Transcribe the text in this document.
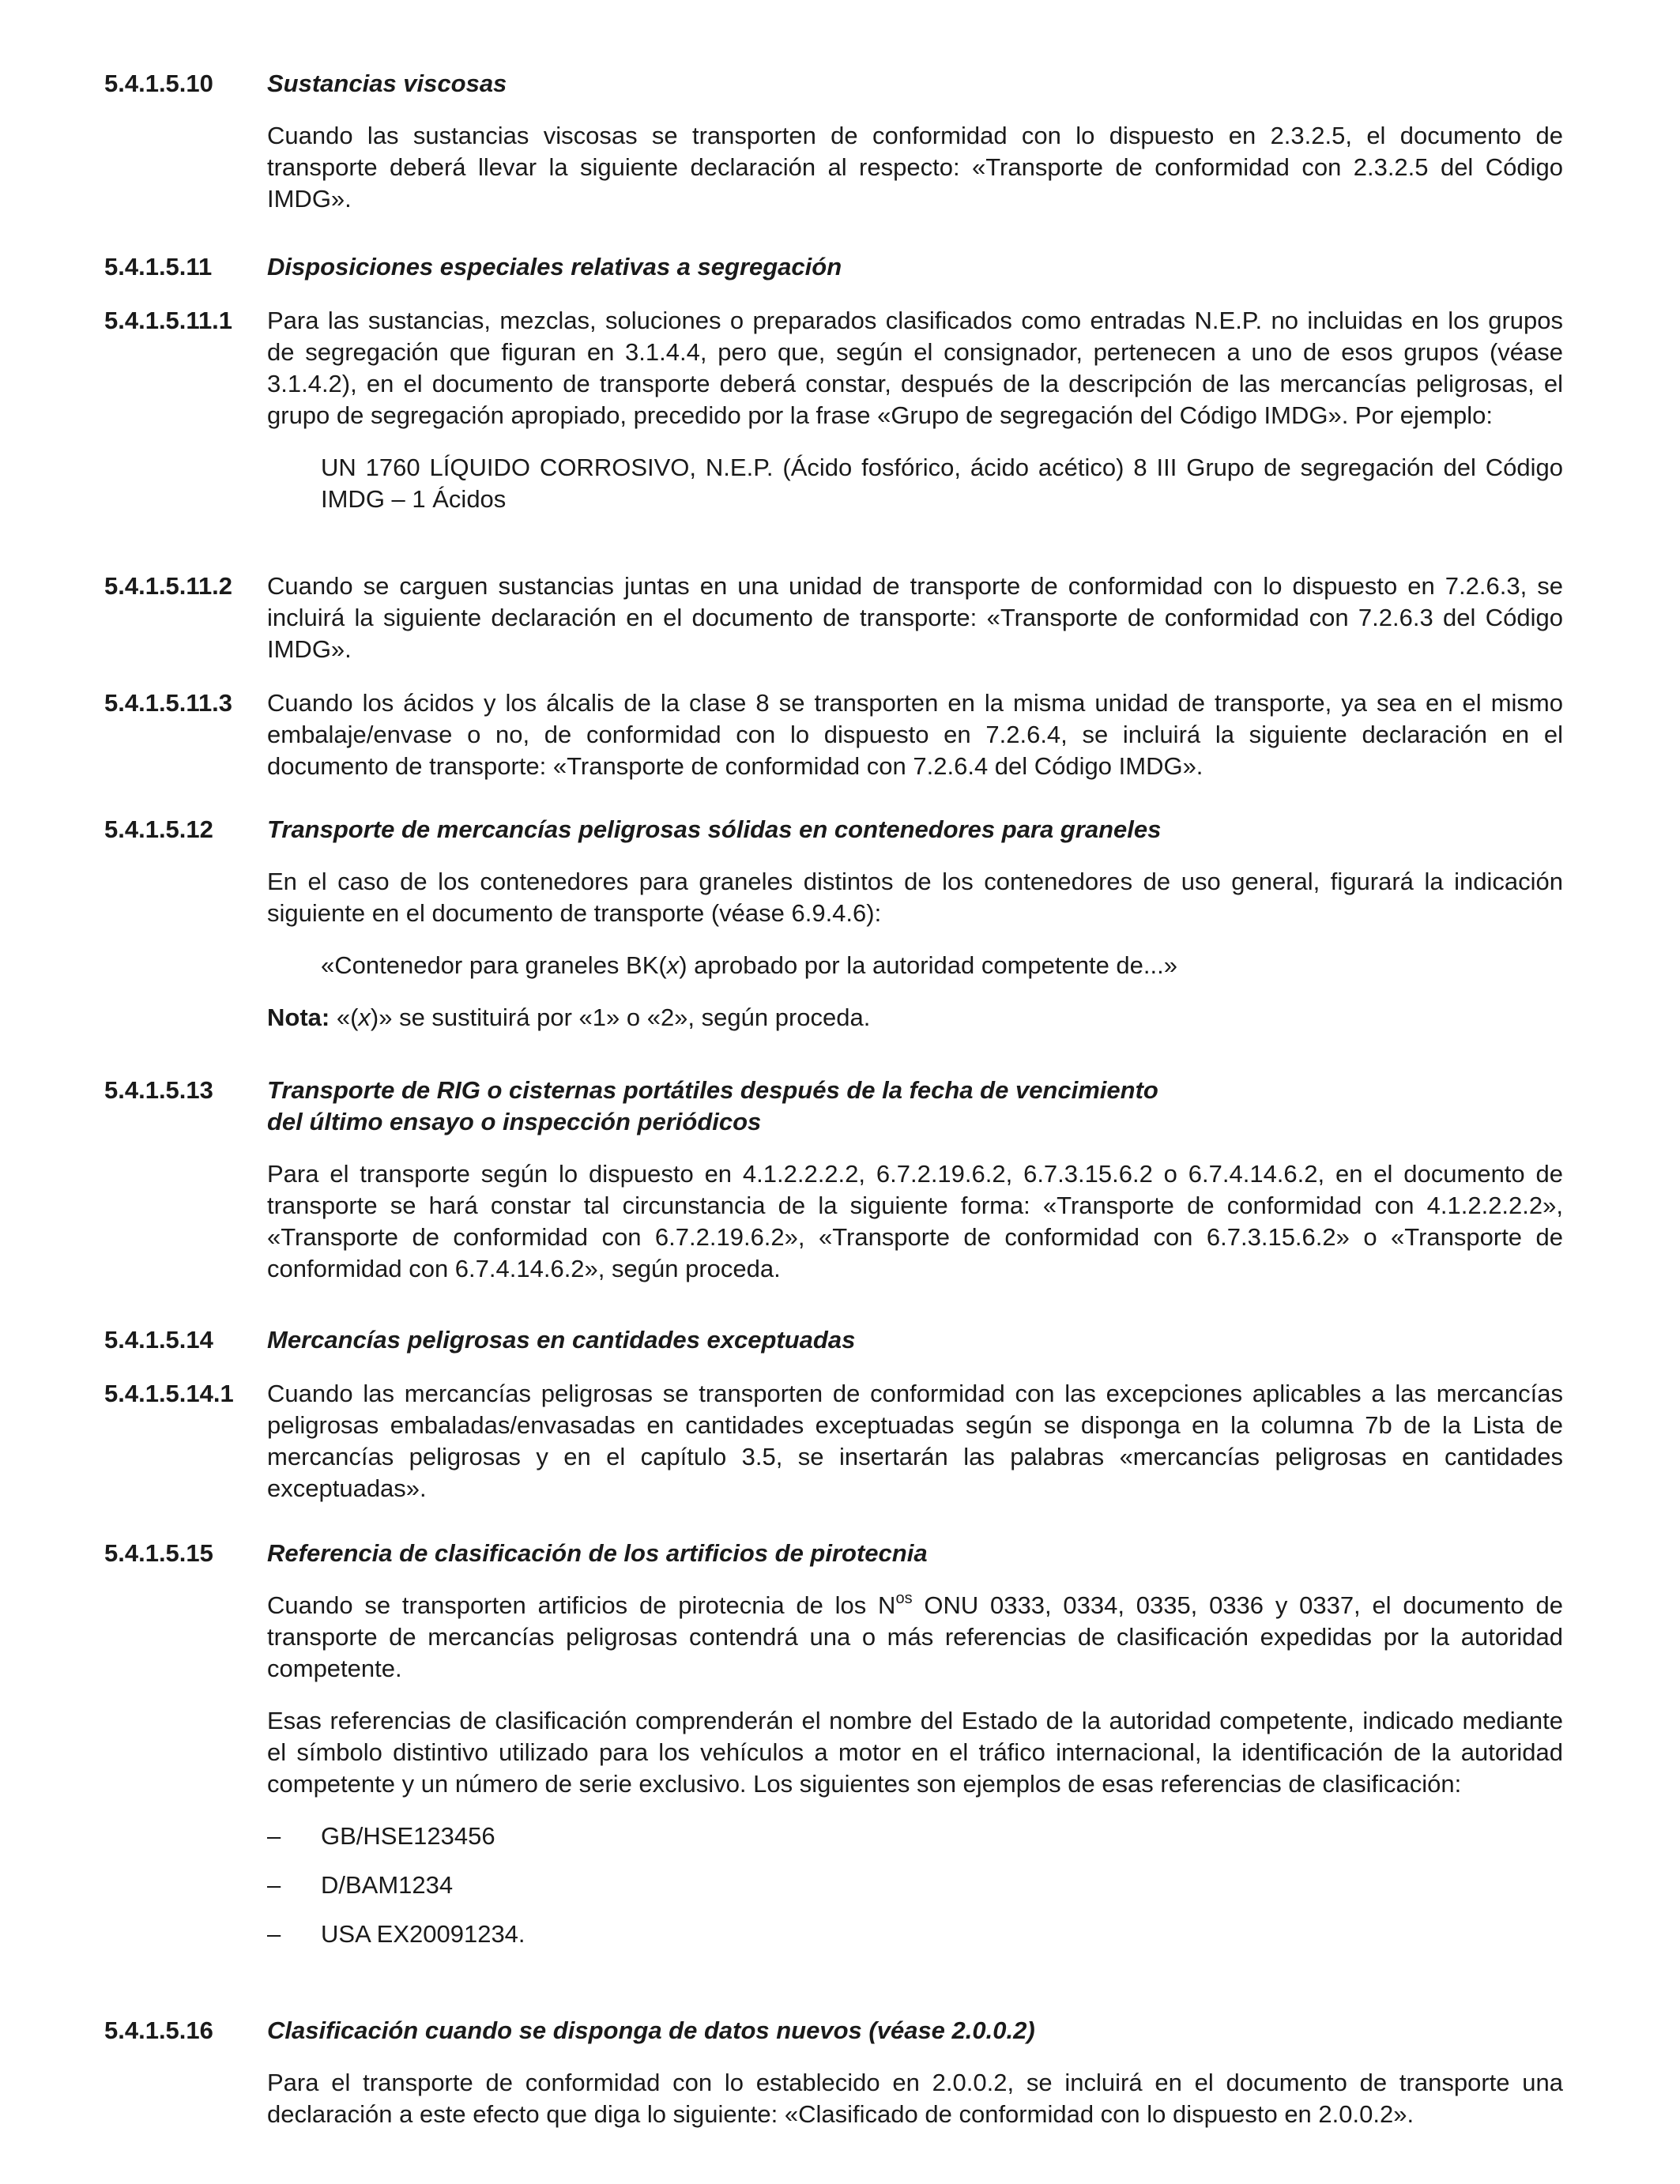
5.4.1.5.10 Sustancias viscosas
Cuando las sustancias viscosas se transporten de conformidad con lo dispuesto en 2.3.2.5, el documento de transporte deberá llevar la siguiente declaración al respecto: «Transporte de conformidad con 2.3.2.5 del Código IMDG».
5.4.1.5.11 Disposiciones especiales relativas a segregación
5.4.1.5.11.1 Para las sustancias, mezclas, soluciones o preparados clasificados como entradas N.E.P. no incluidas en los grupos de segregación que figuran en 3.1.4.4, pero que, según el consignador, pertenecen a uno de esos grupos (véase 3.1.4.2), en el documento de transporte deberá constar, después de la descripción de las mercancías peligrosas, el grupo de segregación apropiado, precedido por la frase «Grupo de segregación del Código IMDG». Por ejemplo:
UN 1760 LÍQUIDO CORROSIVO, N.E.P. (Ácido fosfórico, ácido acético) 8 III Grupo de segregación del Código IMDG – 1 Ácidos
5.4.1.5.11.2 Cuando se carguen sustancias juntas en una unidad de transporte de conformidad con lo dispuesto en 7.2.6.3, se incluirá la siguiente declaración en el documento de transporte: «Transporte de conformidad con 7.2.6.3 del Código IMDG».
5.4.1.5.11.3 Cuando los ácidos y los álcalis de la clase 8 se transporten en la misma unidad de transporte, ya sea en el mismo embalaje/envase o no, de conformidad con lo dispuesto en 7.2.6.4, se incluirá la siguiente declaración en el documento de transporte: «Transporte de conformidad con 7.2.6.4 del Código IMDG».
5.4.1.5.12 Transporte de mercancías peligrosas sólidas en contenedores para graneles
En el caso de los contenedores para graneles distintos de los contenedores de uso general, figurará la indicación siguiente en el documento de transporte (véase 6.9.4.6):
«Contenedor para graneles BK(x) aprobado por la autoridad competente de...»
Nota: «(x)» se sustituirá por «1» o «2», según proceda.
5.4.1.5.13 Transporte de RIG o cisternas portátiles después de la fecha de vencimiento
del último ensayo o inspección periódicos
Para el transporte según lo dispuesto en 4.1.2.2.2.2, 6.7.2.19.6.2, 6.7.3.15.6.2 o 6.7.4.14.6.2, en el documento de transporte se hará constar tal circunstancia de la siguiente forma: «Transporte de conformidad con 4.1.2.2.2.2», «Transporte de conformidad con 6.7.2.19.6.2», «Transporte de conformidad con 6.7.3.15.6.2» o «Transporte de conformidad con 6.7.4.14.6.2», según proceda.
5.4.1.5.14 Mercancías peligrosas en cantidades exceptuadas
5.4.1.5.14.1 Cuando las mercancías peligrosas se transporten de conformidad con las excepciones aplicables a las mercancías peligrosas embaladas/envasadas en cantidades exceptuadas según se disponga en la columna 7b de la Lista de mercancías peligrosas y en el capítulo 3.5, se insertarán las palabras «mercancías peligrosas en cantidades exceptuadas».
5.4.1.5.15 Referencia de clasificación de los artificios de pirotecnia
Cuando se transporten artificios de pirotecnia de los $N^{os}$ ONU 0333, 0334, 0335, 0336 y 0337, el documento de transporte de mercancías peligrosas contendrá una o más referencias de clasificación expedidas por la autoridad competente.
Esas referencias de clasificación comprenderán el nombre del Estado de la autoridad competente, indicado mediante el símbolo distintivo utilizado para los vehículos a motor en el tráfico internacional, la identificación de la autoridad competente y un número de serie exclusivo. Los siguientes son ejemplos de esas referencias de clasificación:
– GB/HSE123456
– D/BAM1234
– USA EX20091234.
5.4.1.5.16 Clasificación cuando se disponga de datos nuevos (véase 2.0.0.2)
Para el transporte de conformidad con lo establecido en 2.0.0.2, se incluirá en el documento de transporte una declaración a este efecto que diga lo siguiente: «Clasificado de conformidad con lo dispuesto en 2.0.0.2».
